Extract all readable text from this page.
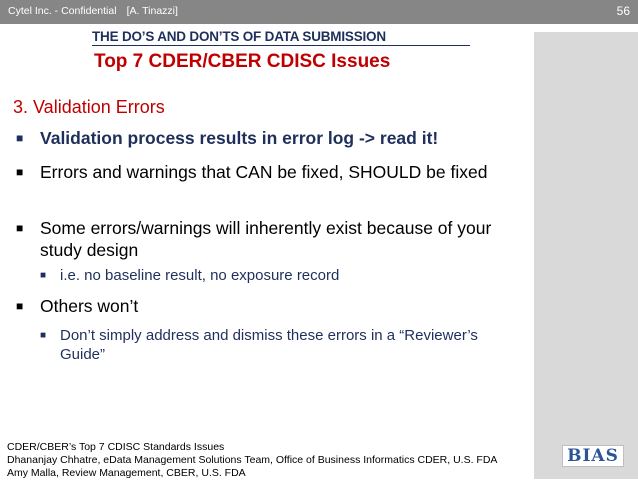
Cytel Inc. - Confidential [A. Tinazzi]	56
THE DO’S AND DON’TS OF DATA SUBMISSION
Top 7 CDER/CBER CDISC Issues
3. Validation Errors
■ Validation process results in error log -> read it!
■ Errors and warnings that CAN be fixed, SHOULD be fixed
■ Some errors/warnings will inherently exist because of your study design
■ i.e. no baseline result, no exposure record
■ Others won’t
■ Don’t simply address and dismiss these errors in a “Reviewer’s Guide”
CDER/CBER’s Top 7 CDISC Standards Issues
Dhananjay Chhatre, eData Management Solutions Team, Office of Business Informatics CDER, U.S. FDA
Amy Malla, Review Management, CBER, U.S. FDA
BIAS
